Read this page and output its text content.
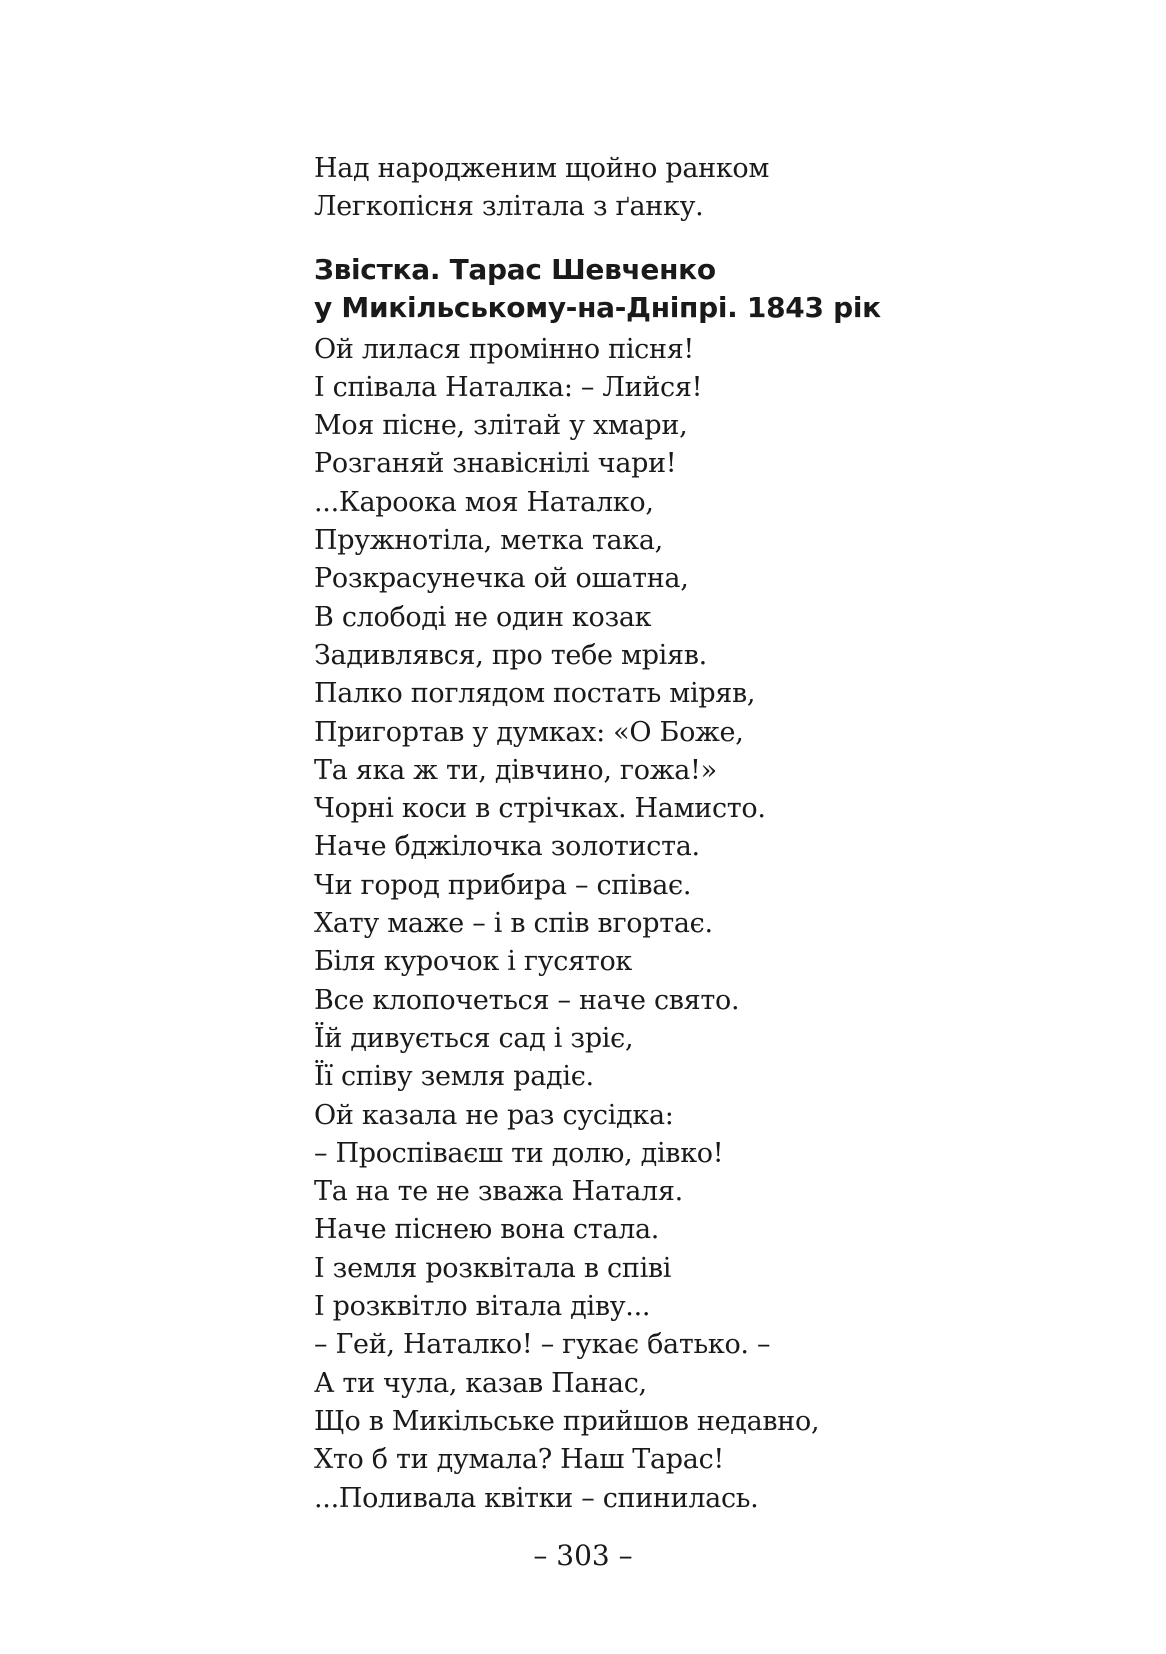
Над народженим щойно ранком
Легкопісня злітала з ґанку.
Звістка. Тарас Шевченко
у Микільському-на-Дніпрі. 1843 рік
Ой лилася промінно пісня!
І співала Наталка: – Лийся!
Моя пісне, злітай у хмари,
Розганяй знавіснілі чари!
...Кароока моя Наталко,
Пружнотіла, метка така,
Розкрасунечка ой ошатна,
В слободі не один козак
Задивлявся, про тебе мріяв.
Палко поглядом постать міряв,
Пригортав у думках: «О Боже,
Та яка ж ти, дівчино, гожа!»
Чорні коси в стрічках. Намисто.
Наче бджілочка золотиста.
Чи город прибира – співає.
Хату маже – і в спів вгортає.
Біля курочок і гусяток
Все клопочеться – наче свято.
Їй дивується сад і зріє,
Її співу земля радіє.
Ой казала не раз сусідка:
– Проспіваєш ти долю, дівко!
Та на те не зважа Наталя.
Наче піснею вона стала.
І земля розквітала в співі
І розквітло вітала діву...
– Гей, Наталко! – гукає батько. –
А ти чула, казав Панас,
Що в Микільське прийшов недавно,
Хто б ти думала? Наш Тарас!
...Поливала квітки – спинилась.
– 303 –
